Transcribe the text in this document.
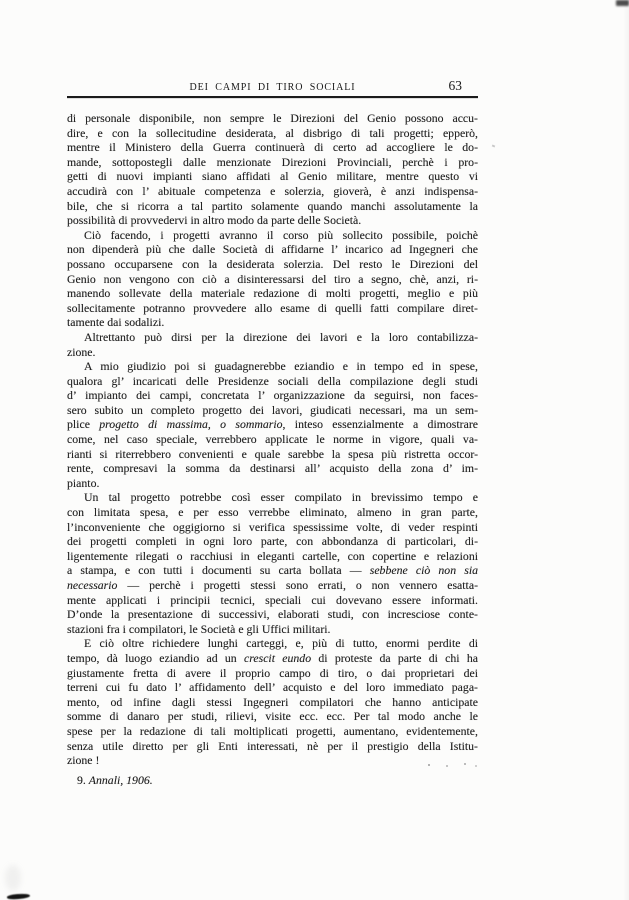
DEI CAMPI DI TIRO SOCIALI	63
di personale disponibile, non sempre le Direzioni del Genio possono accu-
dire, e con la sollecitudine desiderata, al disbrigo di tali progetti; epperò,
mentre il Ministero della Guerra continuerà di certo ad accogliere le do-
mande, sottopostegli dalle menzionate Direzioni Provinciali, perchè i pro-
getti di nuovi impianti siano affidati al Genio militare, mentre questo vi
accudirà con l’ abituale competenza e solerzia, gioverà, è anzi indispensa-
bile, che si ricorra a tal partito solamente quando manchi assolutamente la
possibilità di provvedervi in altro modo da parte delle Società.
Ciò facendo, i progetti avranno il corso più sollecito possibile, poichè
non dipenderà più che dalle Società di affidarne l’ incarico ad Ingegneri che
possano occuparsene con la desiderata solerzia. Del resto le Direzioni del
Genio non vengono con ciò a disinteressarsi del tiro a segno, chè, anzi, ri-
manendo sollevate della materiale redazione di molti progetti, meglio e più
sollecitamente potranno provvedere allo esame di quelli fatti compilare diret-
tamente dai sodalizi.
Altrettanto può dirsi per la direzione dei lavori e la loro contabilizza-
zione.
A mio giudizio poi si guadagnerebbe eziandio e in tempo ed in spese,
qualora gl’ incaricati delle Presidenze sociali della compilazione degli studi
d’ impianto dei campi, concretata l’ organizzazione da seguirsi, non faces-
sero subito un completo progetto dei lavori, giudicati necessari, ma un sem-
plice progetto di massima, o sommario, inteso essenzialmente a dimostrare
come, nel caso speciale, verrebbero applicate le norme in vigore, quali va-
rianti si riterrebbero convenienti e quale sarebbe la spesa più ristretta occor-
rente, compresavi la somma da destinarsi all’ acquisto della zona d’ im-
pianto.
Un tal progetto potrebbe così esser compilato in brevissimo tempo e
con limitata spesa, e per esso verrebbe eliminato, almeno in gran parte,
l’inconveniente che oggigiorno si verifica spessissime volte, di veder respinti
dei progetti completi in ogni loro parte, con abbondanza di particolari, di-
ligentemente rilegati o racchiusi in eleganti cartelle, con copertine e relazioni
a stampa, e con tutti i documenti su carta bollata — sebbene ciò non sia
necessario — perchè i progetti stessi sono errati, o non vennero esatta-
mente applicati i principii tecnici, speciali cui dovevano essere informati.
D’onde la presentazione di successivi, elaborati studi, con incresciose conte-
stazioni fra i compilatori, le Società e gli Uffici militari.
E ciò oltre richiedere lunghi carteggi, e, più di tutto, enormi perdite di
tempo, dà luogo eziandio ad un crescit eundo di proteste da parte di chi ha
giustamente fretta di avere il proprio campo di tiro, o dai proprietari dei
terreni cui fu dato l’ affidamento dell’ acquisto e del loro immediato paga-
mento, od infine dagli stessi Ingegneri compilatori che hanno anticipate
somme di danaro per studi, rilievi, visite ecc. ecc. Per tal modo anche le
spese per la redazione di tali moltiplicati progetti, aumentano, evidentemente,
senza utile diretto per gli Enti interessati, nè per il prestigio della Istitu-
zione !
9. Annali, 1906.
